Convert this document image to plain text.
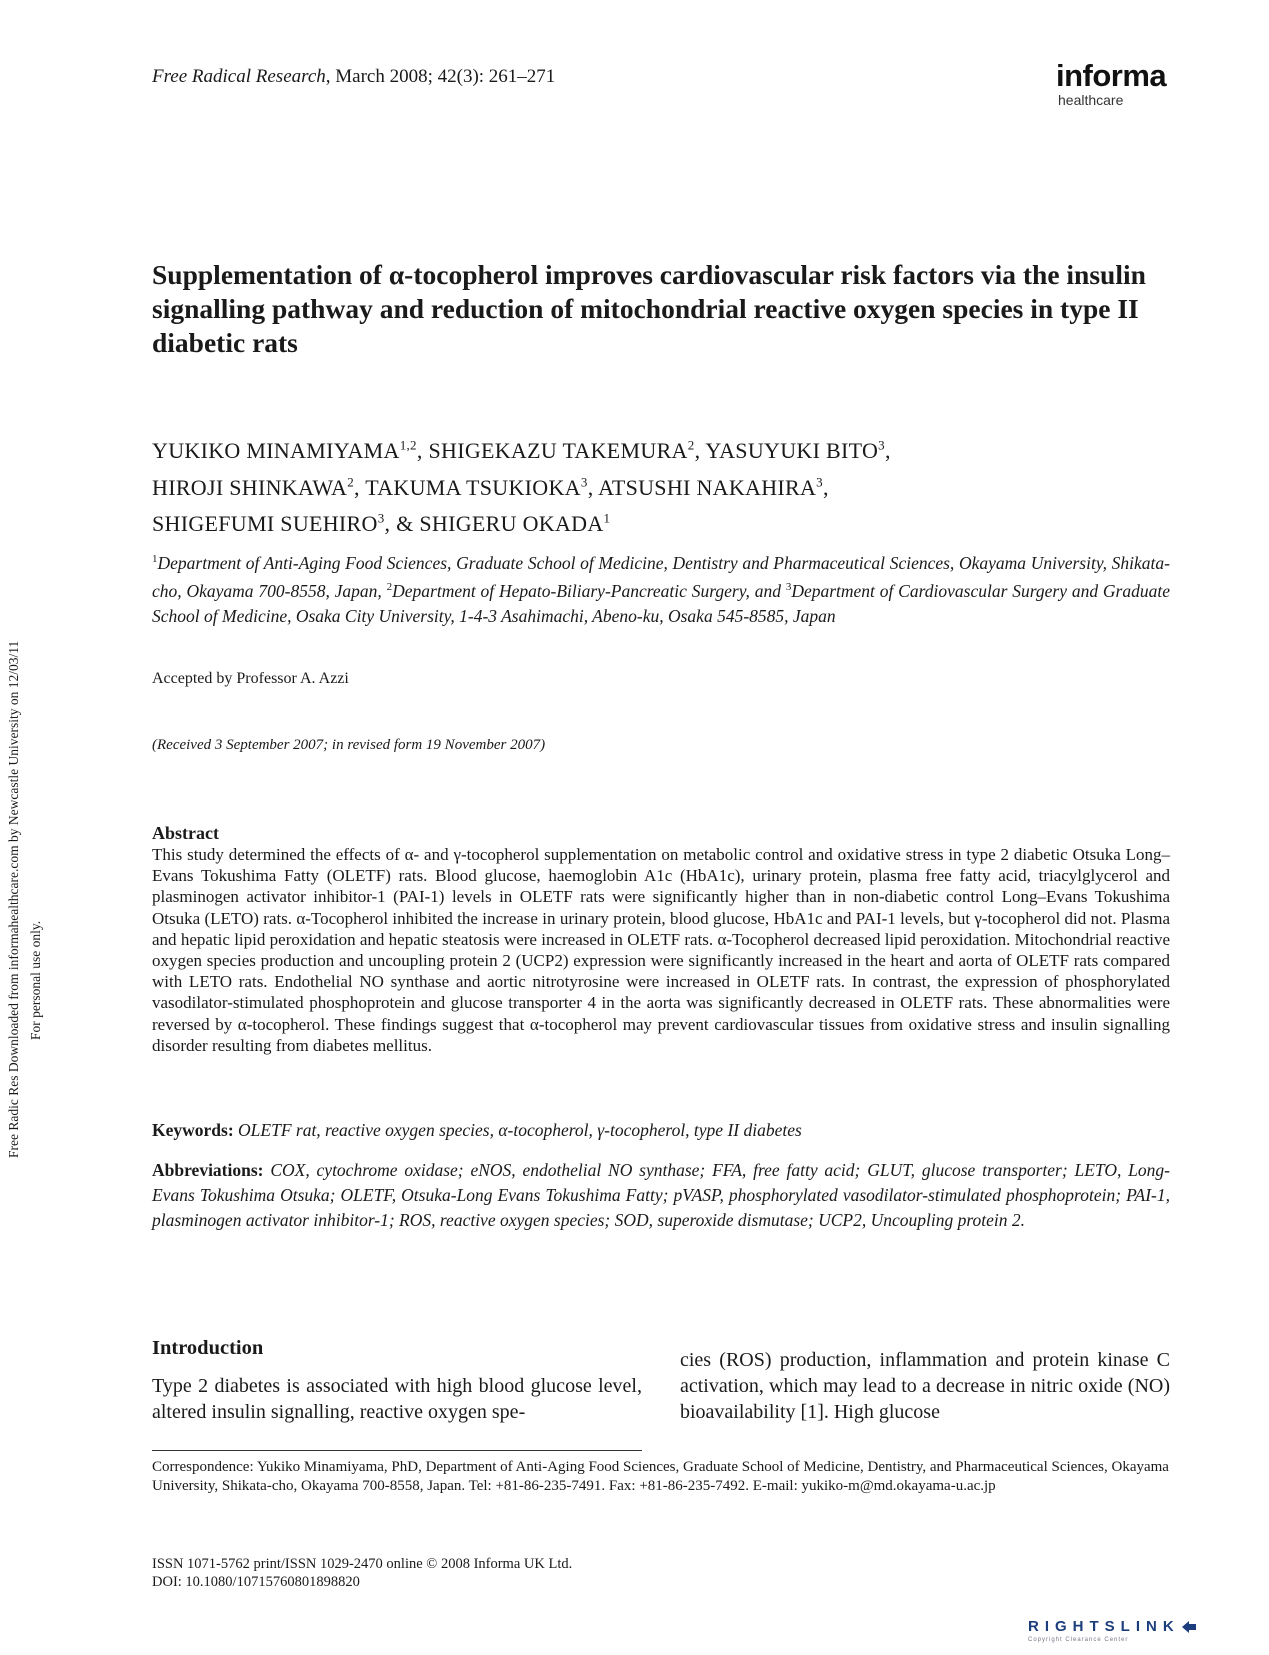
Free Radical Research, March 2008; 42(3): 261–271	informa
healthcare
Free Radic Res Downloaded from informahealthcare.com by Newcastle University on 12/03/11 For personal use only.
Supplementation of α-tocopherol improves cardiovascular risk factors via the insulin signalling pathway and reduction of mitochondrial reactive oxygen species in type II diabetic rats
YUKIKO MINAMIYAMA$^{1,2}$, SHIGEKAZU TAKEMURA$^2$, YASUYUKI BITO$^3$,
HIROJI SHINKAWA$^2$, TAKUMA TSUKIOKA$^3$, ATSUSHI NAKAHIRA$^3$,
SHIGEFUMI SUEHIRO$^3$, & SHIGERU OKADA$^1$
$^1$Department of Anti-Aging Food Sciences, Graduate School of Medicine, Dentistry and Pharmaceutical Sciences, Okayama University, Shikata-cho, Okayama 700-8558, Japan, $^2$Department of Hepato-Biliary-Pancreatic Surgery, and $^3$Department of Cardiovascular Surgery and Graduate School of Medicine, Osaka City University, 1-4-3 Asahimachi, Abeno-ku, Osaka 545-8585, Japan
Accepted by Professor A. Azzi
(Received 3 September 2007; in revised form 19 November 2007)
Abstract
This study determined the effects of α- and γ-tocopherol supplementation on metabolic control and oxidative stress in type 2 diabetic Otsuka Long–Evans Tokushima Fatty (OLETF) rats. Blood glucose, haemoglobin A1c (HbA1c), urinary protein, plasma free fatty acid, triacylglycerol and plasminogen activator inhibitor-1 (PAI-1) levels in OLETF rats were significantly higher than in non-diabetic control Long–Evans Tokushima Otsuka (LETO) rats. α-Tocopherol inhibited the increase in urinary protein, blood glucose, HbA1c and PAI-1 levels, but γ-tocopherol did not. Plasma and hepatic lipid peroxidation and hepatic steatosis were increased in OLETF rats. α-Tocopherol decreased lipid peroxidation. Mitochondrial reactive oxygen species production and uncoupling protein 2 (UCP2) expression were significantly increased in the heart and aorta of OLETF rats compared with LETO rats. Endothelial NO synthase and aortic nitrotyrosine were increased in OLETF rats. In contrast, the expression of phosphorylated vasodilator-stimulated phosphoprotein and glucose transporter 4 in the aorta was significantly decreased in OLETF rats. These abnormalities were reversed by α-tocopherol. These findings suggest that α-tocopherol may prevent cardiovascular tissues from oxidative stress and insulin signalling disorder resulting from diabetes mellitus.
Keywords: OLETF rat, reactive oxygen species, α-tocopherol, γ-tocopherol, type II diabetes
Abbreviations: COX, cytochrome oxidase; eNOS, endothelial NO synthase; FFA, free fatty acid; GLUT, glucose transporter; LETO, Long-Evans Tokushima Otsuka; OLETF, Otsuka-Long Evans Tokushima Fatty; pVASP, phosphorylated vasodilator-stimulated phosphoprotein; PAI-1, plasminogen activator inhibitor-1; ROS, reactive oxygen species; SOD, superoxide dismutase; UCP2, Uncoupling protein 2.
Introduction
Type 2 diabetes is associated with high blood glucose level, altered insulin signalling, reactive oxygen spe-
cies (ROS) production, inflammation and protein kinase C activation, which may lead to a decrease in nitric oxide (NO) bioavailability [1]. High glucose
Correspondence: Yukiko Minamiyama, PhD, Department of Anti-Aging Food Sciences, Graduate School of Medicine, Dentistry, and Pharmaceutical Sciences, Okayama University, Shikata-cho, Okayama 700-8558, Japan. Tel: +81-86-235-7491. Fax: +81-86-235-7492. E-mail: yukiko-m@md.okayama-u.ac.jp
ISSN 1071-5762 print/ISSN 1029-2470 online © 2008 Informa UK Ltd.
DOI: 10.1080/10715760801898820
RIGHTSLINK
Copyright Clearance Center
